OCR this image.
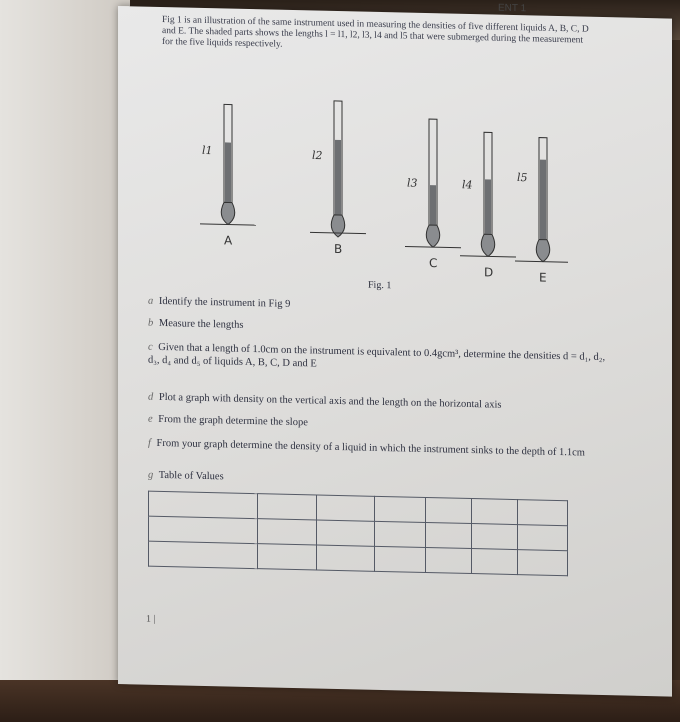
ENT 1
Fig 1 is an illustration of the same instrument used in measuring the densities of five different liquids A, B, C, D and E. The shaded parts shows the lengths l = l1, l2, l3, l4 and l5 that were submerged during the measurement for the five liquids respectively.
l1
A
l2
B
l3
C
l4
D
l5
E
Fig. 1
a Identify the instrument in Fig 9
b Measure the lengths
c Given that a length of 1.0cm on the instrument is equivalent to 0.4gcm³, determine the densities d = d₁, d₂, d₃, d₄ and d₅ of liquids A, B, C, D and E
d Plot a graph with density on the vertical axis and the length on the horizontal axis
e From the graph determine the slope
f From your graph determine the density of a liquid in which the instrument sinks to the depth of 1.1cm
g Table of Values

1 |
